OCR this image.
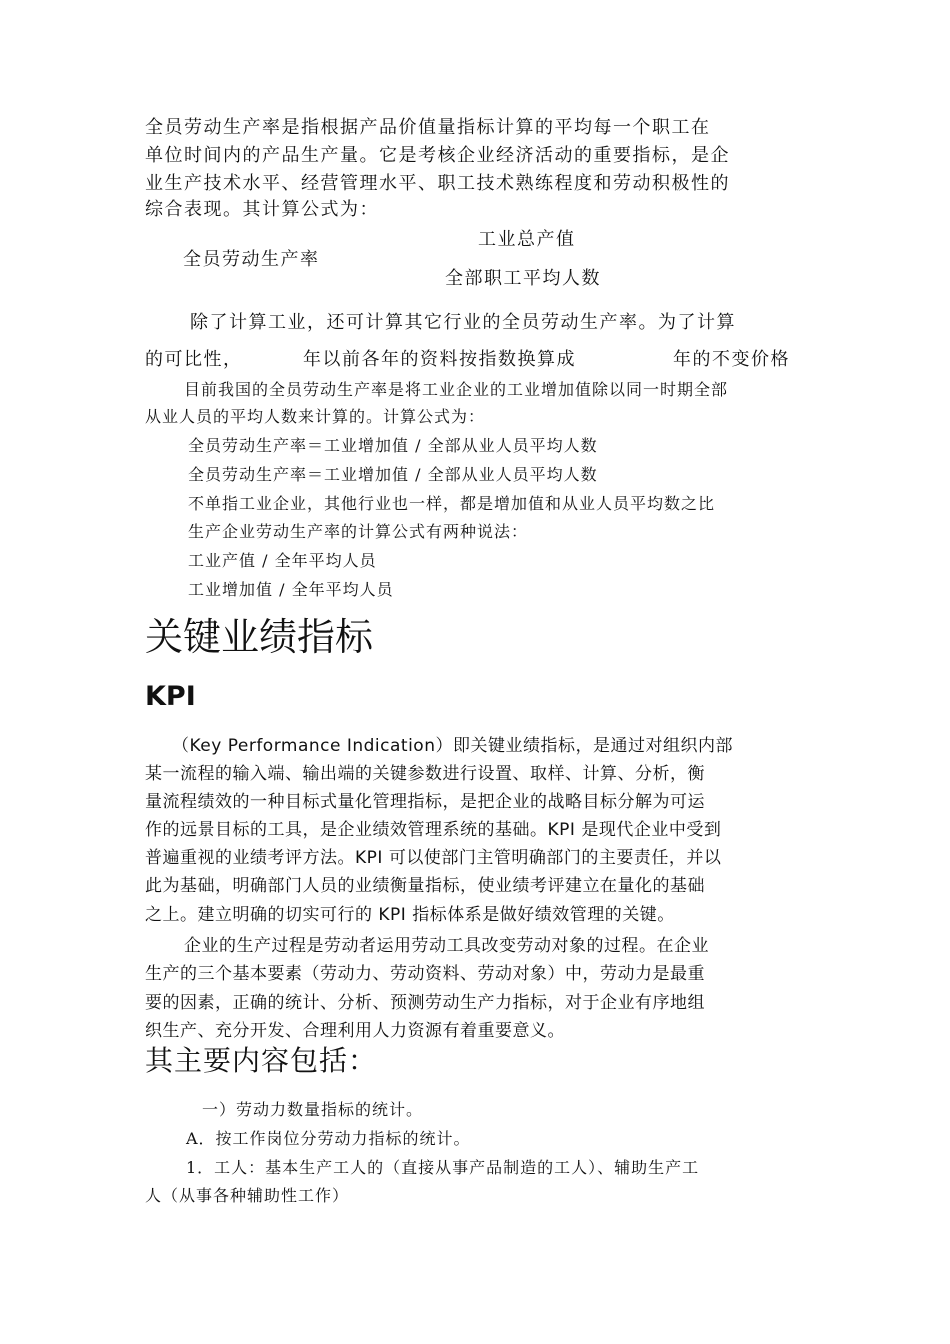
全员劳动生产率是指根据产品价值量指标计算的平均每一个职工在
单位时间内的产品生产量。它是考核企业经济活动的重要指标，是企
业生产技术水平、经营管理水平、职工技术熟练程度和劳动积极性的
综合表现。其计算公式为：
工业总产值
全员劳动生产率
全部职工平均人数
除了计算工业，还可计算其它行业的全员劳动生产率。为了计算
的可比性，	年以前各年的资料按指数换算成	年的不变价格
目前我国的全员劳动生产率是将工业企业的工业增加值除以同一时期全部
从业人员的平均人数来计算的。计算公式为：
全员劳动生产率＝工业增加值 / 全部从业人员平均人数
全员劳动生产率＝工业增加值 / 全部从业人员平均人数
不单指工业企业，其他行业也一样，都是增加值和从业人员平均数之比
生产企业劳动生产率的计算公式有两种说法：
工业产值 / 全年平均人员
工业增加值 / 全年平均人员
关键业绩指标
KPI
（Key Performance Indication）即关键业绩指标，是通过对组织内部
某一流程的输入端、输出端的关键参数进行设置、取样、计算、分析，衡
量流程绩效的一种目标式量化管理指标，是把企业的战略目标分解为可运
作的远景目标的工具，是企业绩效管理系统的基础。KPI 是现代企业中受到
普遍重视的业绩考评方法。KPI 可以使部门主管明确部门的主要责任，并以
此为基础，明确部门人员的业绩衡量指标，使业绩考评建立在量化的基础
之上。建立明确的切实可行的 KPI 指标体系是做好绩效管理的关键。
企业的生产过程是劳动者运用劳动工具改变劳动对象的过程。在企业
生产的三个基本要素（劳动力、劳动资料、劳动对象）中，劳动力是最重
要的因素，正确的统计、分析、预测劳动生产力指标，对于企业有序地组
织生产、充分开发、合理利用人力资源有着重要意义。
其主要内容包括：
一）劳动力数量指标的统计。
A．按工作岗位分劳动力指标的统计。
1．工人：基本生产工人的（直接从事产品制造的工人）、辅助生产工
人（从事各种辅助性工作）
